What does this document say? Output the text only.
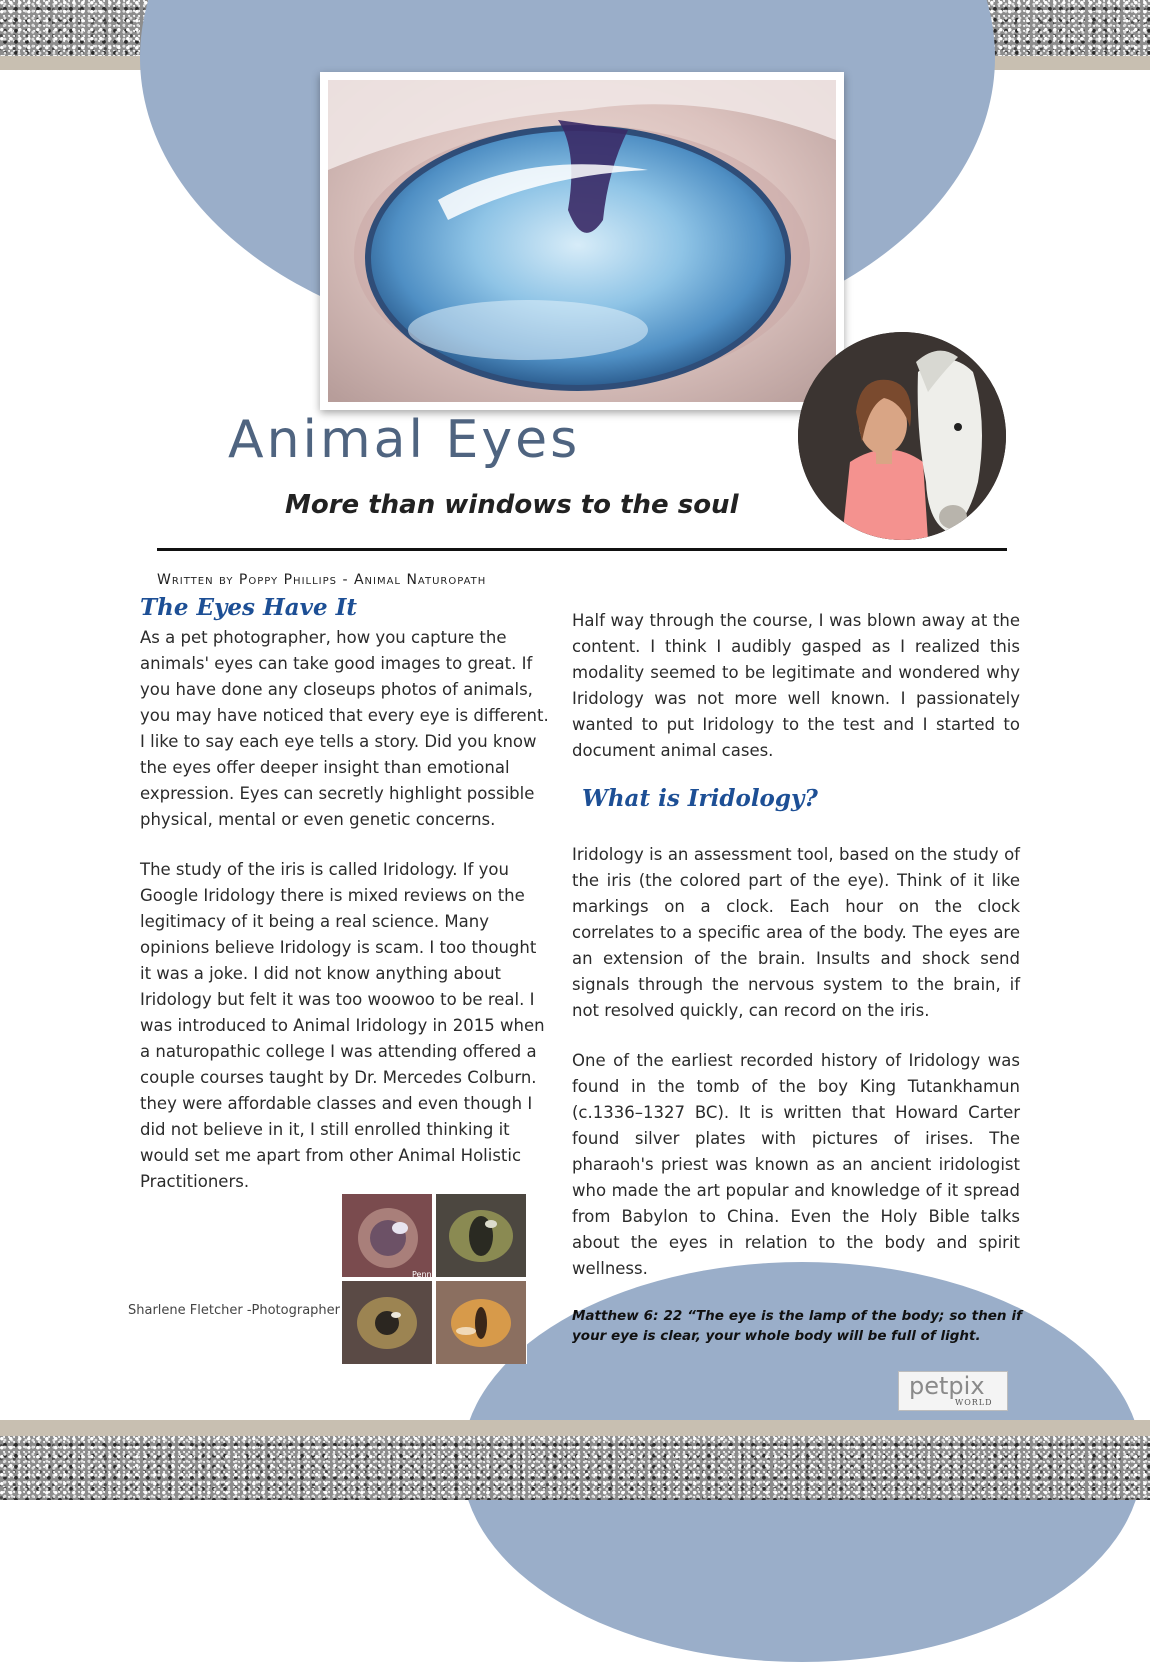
Animal Eyes
More than windows to the soul
Written by Poppy Phillips - Animal Naturopath
The Eyes Have It

As a pet photographer, how you capture the animals' eyes can take good images to great. If you have done any closeups photos of animals, you may have noticed that every eye is different. I like to say each eye tells a story. Did you know the eyes offer deeper insight than emotional expression. Eyes can secretly highlight possible physical, mental or even genetic concerns.

The study of the iris is called Iridology. If you Google Iridology there is mixed reviews on the legitimacy of it being a real science. Many opinions believe Iridology is scam. I too thought it was a joke. I did not know anything about Iridology but felt it was too woowoo to be real. I was introduced to Animal Iridology in 2015 when a naturopathic college I was attending offered a couple courses taught by Dr. Mercedes Colburn. they were affordable classes and even though I did not believe in it, I still enrolled thinking it would set me apart from other Animal Holistic Practitioners.

Half way through the course, I was blown away at the content. I think I audibly gasped as I realized this modality seemed to be legitimate and wondered why Iridology was not more well known. I passionately wanted to put Iridology to the test and I started to document animal cases.

What is Iridology?

Iridology is an assessment tool, based on the study of the iris (the colored part of the eye). Think of it like markings on a clock. Each hour on the clock correlates to a specific area of the body. The eyes are an extension of the brain. Insults and shock send signals through the nervous system to the brain, if not resolved quickly, can record on the iris.

One of the earliest recorded history of Iridology was found in the tomb of the boy King Tutankhamun (c.1336–1327 BC). It is written that Howard Carter found silver plates with pictures of irises. The pharaoh's priest was known as an ancient iridologist who made the art popular and knowledge of it spread from Babylon to China. Even the Holy Bible talks about the eyes in relation to the body and spirit wellness.

Matthew 6: 22 “The eye is the lamp of the body; so then if your eye is clear, your whole body will be full of light.

Sharlene Fletcher -Photographer
Penny
petpix
WORLD
